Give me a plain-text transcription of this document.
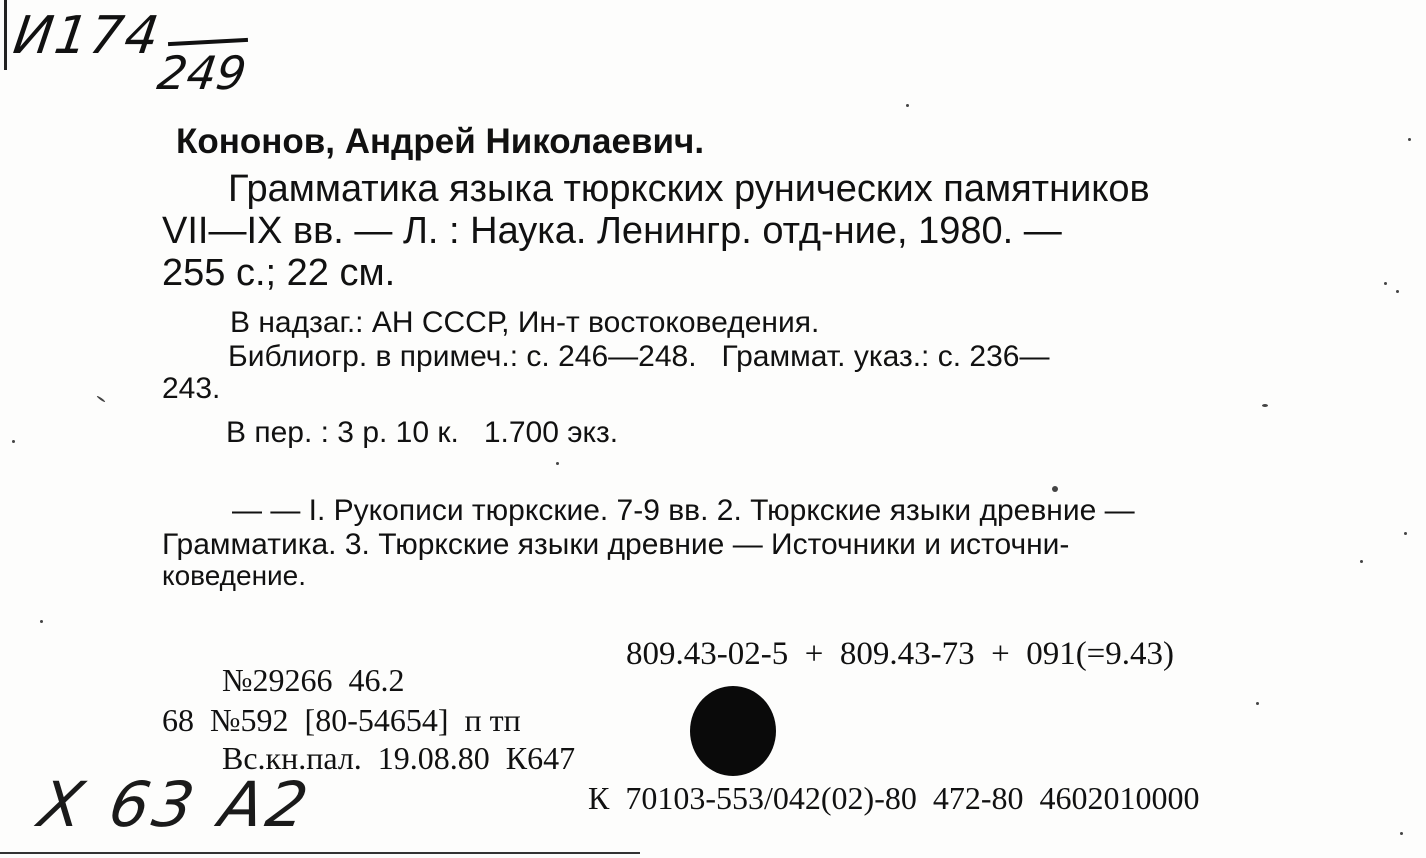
И174
249
Кононов, Андрей Николаевич.
Грамматика языка тюркских рунических памятников
VII—IX вв. — Л. : Наука. Ленингр. отд-ние, 1980. —
255 с.; 22 см.
В надзаг.: АН СССР, Ин-т востоковедения.
Библиогр. в примеч.: с. 246—248.   Граммат. указ.: с. 236—
243.
В пер. : 3 р. 10 к.   1.700 экз.
— — I. Рукописи тюркские. 7-9 вв. 2. Тюркские языки древние —
Грамматика. 3. Тюркские языки древние — Источники и источни-
коведение.
809.43-02-5  +  809.43-73  +  091(=9.43)
№29266  46.2
68  №592  [80-54654]  п тп
Вс.кн.пал.  19.08.80  К647
Х 63 А2	К  70103-553/042(02)-80  472-80  4602010000
